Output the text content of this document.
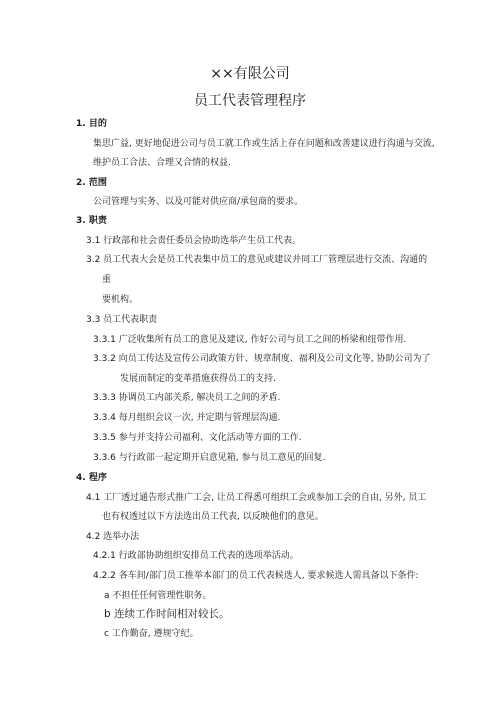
××有限公司
员工代表管理程序
1. 目的
集思广益, 更好地促进公司与员工就工作或生活上存在问题和改善建议进行沟通与交流,
维护员工合法、合理又合情的权益.
2. 范围
公司管理与实务、以及可能对供应商/承包商的要求。
3. 职责
3.1 行政部和社会责任委员会协助选举产生员工代表。
3.2 员工代表大会是员工代表集中员工的意见或建议并同工厂管理层进行交流、沟通的
重
要机构。
3.3 员工代表职责
3.3.1 广泛收集所有员工的意见及建议, 作好公司与员工之间的桥梁和纽带作用.
3.3.2 向员工传达及宣传公司政策方针、规章制度、福利及公司文化等, 协助公司为了
发展而制定的变革措施获得员工的支持.
3.3.3 协调员工内部关系, 解决员工之间的矛盾.
3.3.4 每月组织会议一次, 并定期与管理层沟通.
3.3.5 参与并支持公司福利、文化活动等方面的工作.
3.3.6 与行政部一起定期开启意见箱, 参与员工意见的回复.
4. 程序
4.1 工厂透过通告形式推广工会, 让员工得悉可组织工会或参加工会的自由, 另外, 员工
也有权透过以下方法选出员工代表, 以反映他们的意见。
4.2 选举办法
4.2.1 行政部协助组织安排员工代表的选项举活动。
4.2.2 各车间/部门员工推举本部门的员工代表候选人, 要求候选人需具备以下条件:
a 不担任任何管理性职务。
b 连续工作时间相对较长。
c 工作勤奋, 遵规守纪。
